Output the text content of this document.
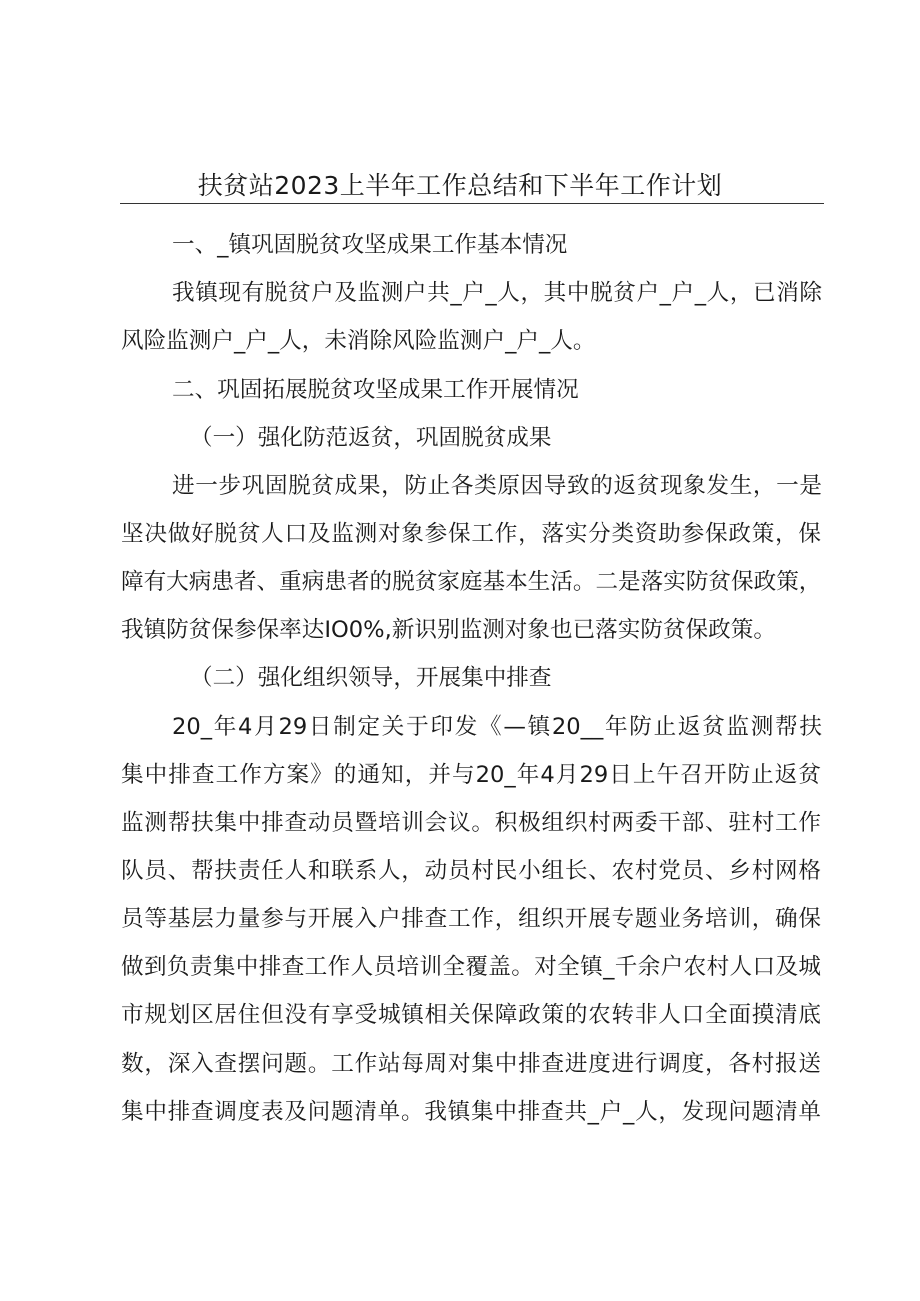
扶贫站2023上半年工作总结和下半年工作计划
一、_镇巩固脱贫攻坚成果工作基本情况
我镇现有脱贫户及监测户共_户_人，其中脱贫户_户_人，已消除
风险监测户_户_人，未消除风险监测户_户_人。
二、巩固拓展脱贫攻坚成果工作开展情况
（一）强化防范返贫，巩固脱贫成果
进一步巩固脱贫成果，防止各类原因导致的返贫现象发生，一是
坚决做好脱贫人口及监测对象参保工作，落实分类资助参保政策，保
障有大病患者、重病患者的脱贫家庭基本生活。二是落实防贫保政策，
我镇防贫保参保率达IO0%,新识别监测对象也已落实防贫保政策。
（二）强化组织领导，开展集中排查
20_年4月29日制定关于印发《—镇20__年防止返贫监测帮扶
集中排查工作方案》的通知，并与20_年4月29日上午召开防止返贫
监测帮扶集中排查动员暨培训会议。积极组织村两委干部、驻村工作
队员、帮扶责任人和联系人，动员村民小组长、农村党员、乡村网格
员等基层力量参与开展入户排查工作，组织开展专题业务培训，确保
做到负责集中排查工作人员培训全覆盖。对全镇_千余户农村人口及城
市规划区居住但没有享受城镇相关保障政策的农转非人口全面摸清底
数，深入查摆问题。工作站每周对集中排查进度进行调度，各村报送
集中排查调度表及问题清单。我镇集中排查共_户_人，发现问题清单
